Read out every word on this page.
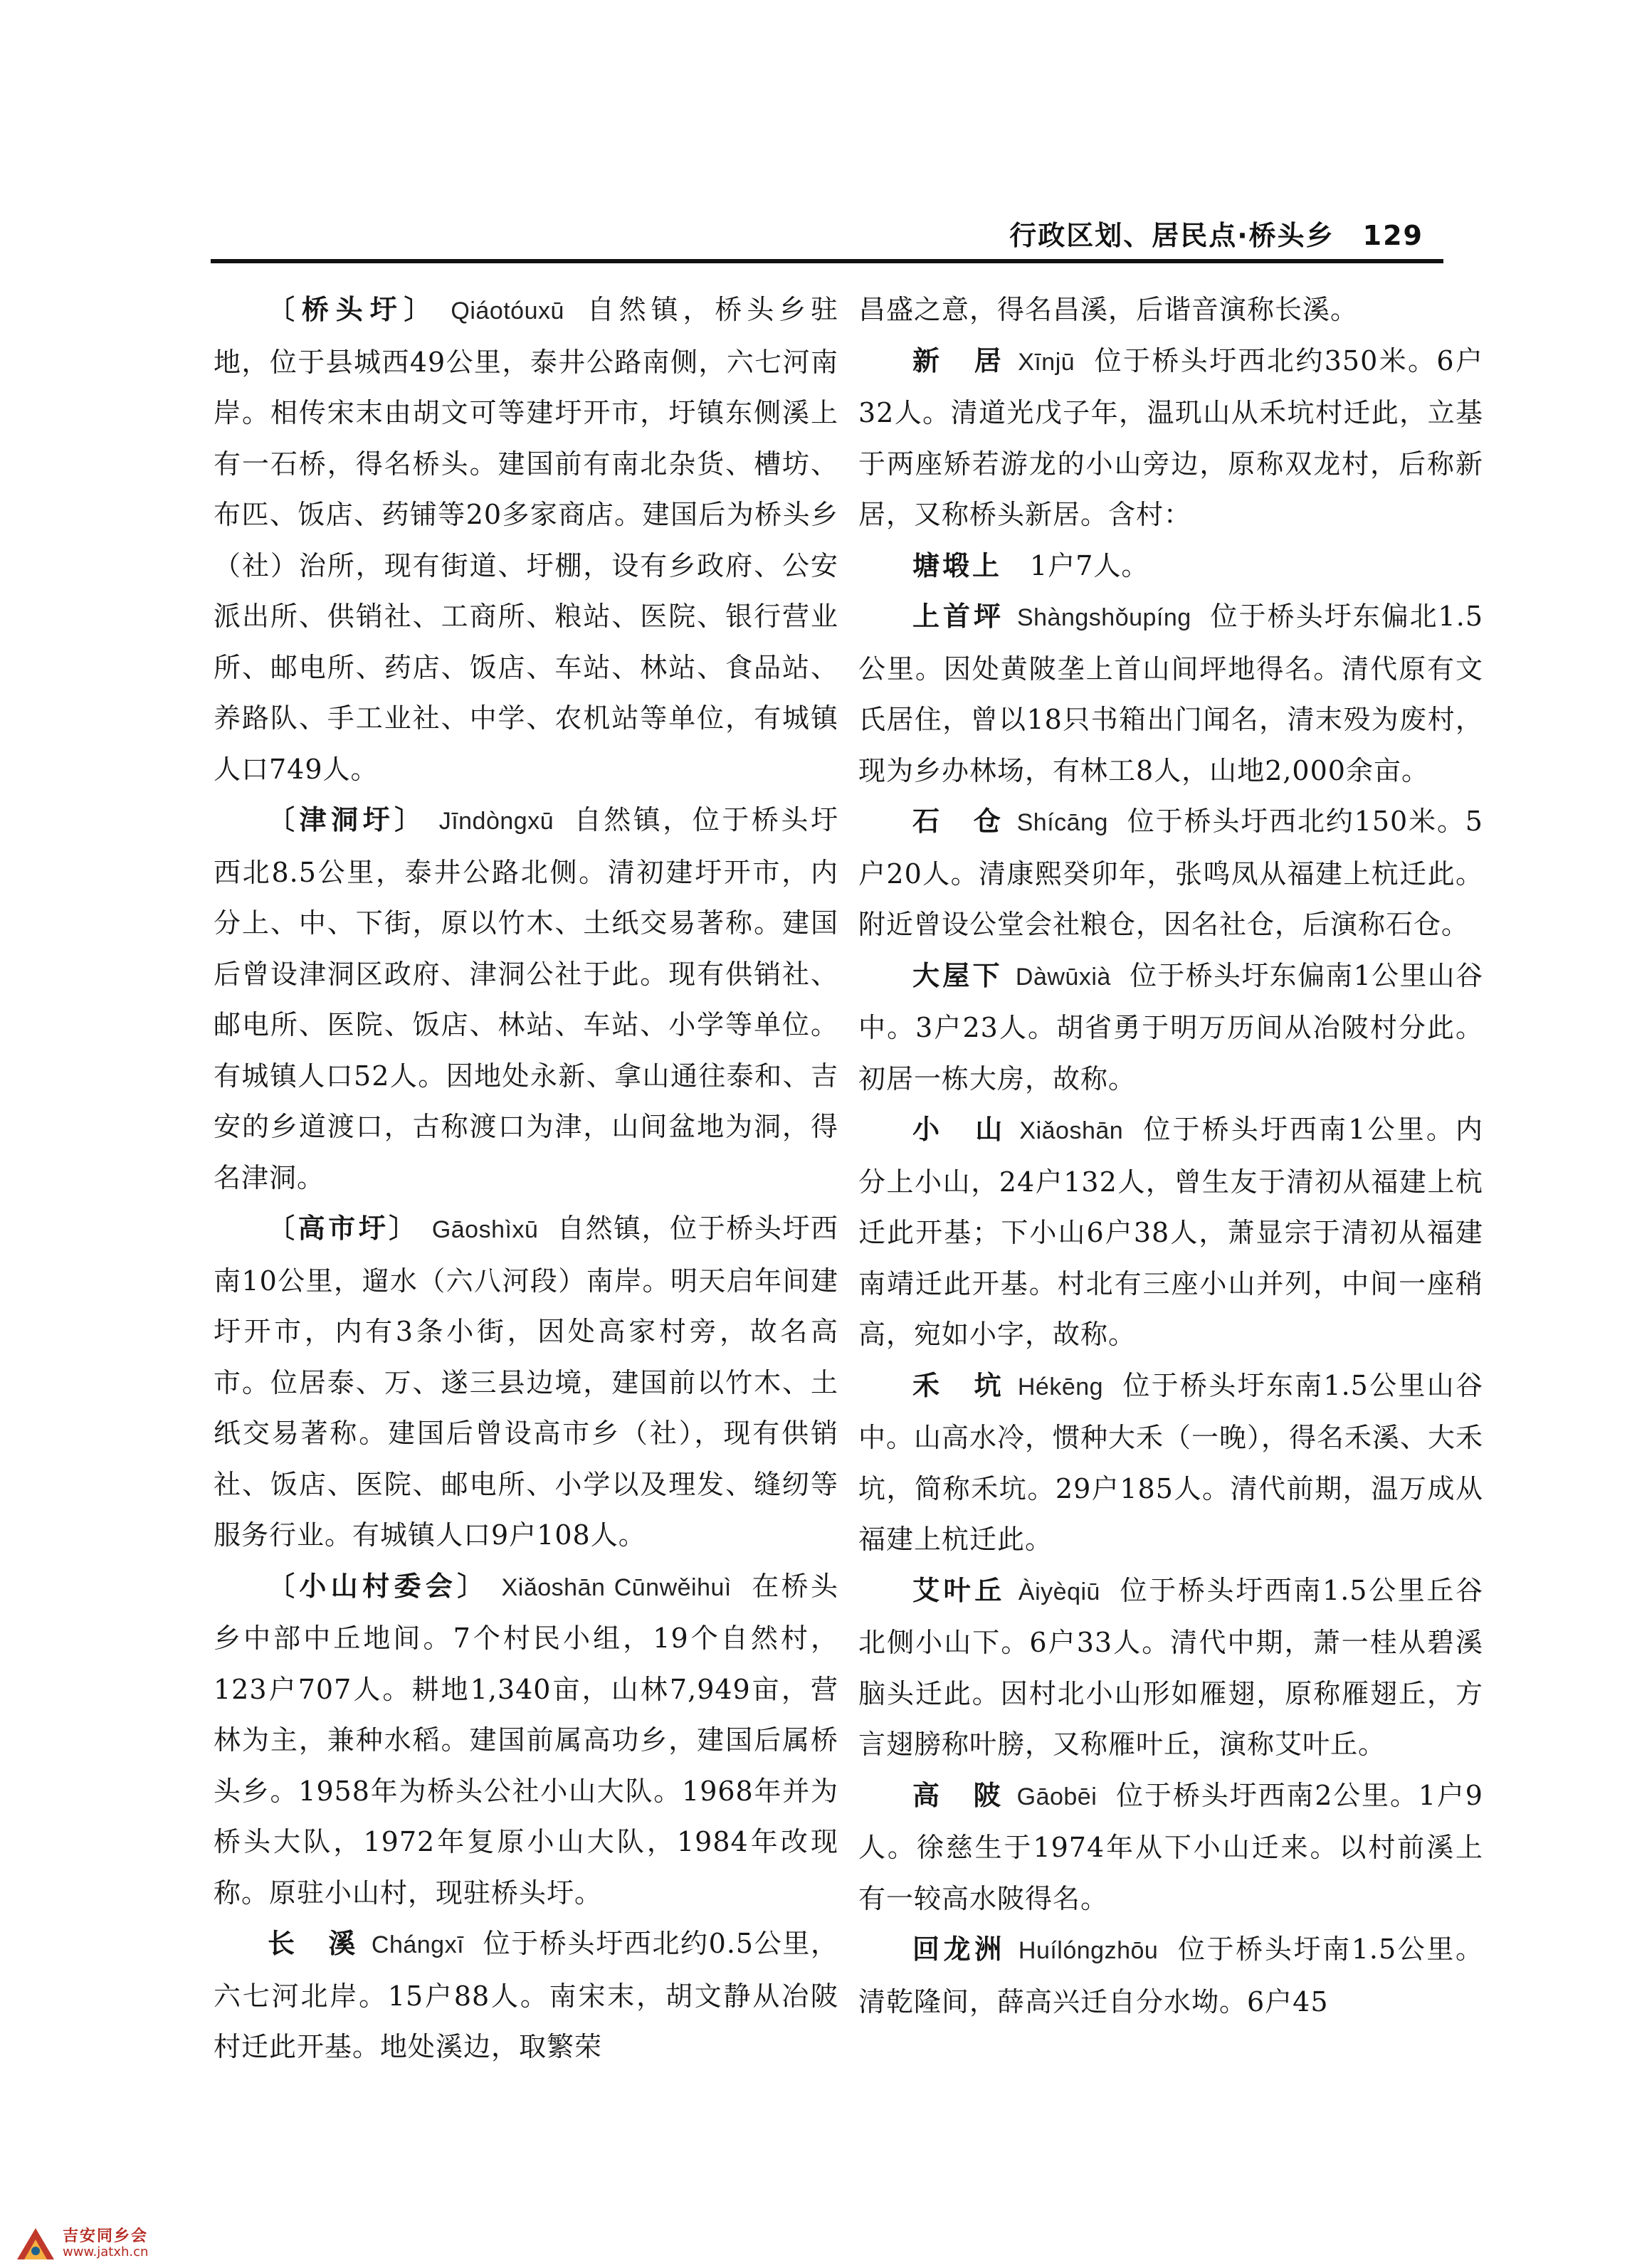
行政区划、居民点·桥头乡 129

〔桥头圩〕 Qiáotóuxū 自然镇，桥头乡驻地，位于县城西49公里，泰井公路南侧，六七河南岸。相传宋末由胡文可等建圩开市，圩镇东侧溪上有一石桥，得名桥头。建国前有南北杂货、槽坊、布匹、饭店、药铺等20多家商店。建国后为桥头乡（社）治所，现有街道、圩棚，设有乡政府、公安派出所、供销社、工商所、粮站、医院、银行营业所、邮电所、药店、饭店、车站、林站、食品站、养路队、手工业社、中学、农机站等单位，有城镇人口749人。

〔津洞圩〕 Jīndòngxū 自然镇，位于桥头圩西北8.5公里，泰井公路北侧。清初建圩开市，内分上、中、下街，原以竹木、土纸交易著称。建国后曾设津洞区政府、津洞公社于此。现有供销社、邮电所、医院、饭店、林站、车站、小学等单位。有城镇人口52人。因地处永新、拿山通往泰和、吉安的乡道渡口，古称渡口为津，山间盆地为洞，得名津洞。

〔高市圩〕 Gāoshìxū 自然镇，位于桥头圩西南10公里，遛水（六八河段）南岸。明天启年间建圩开市，内有3条小街，因处高家村旁，故名高市。位居泰、万、遂三县边境，建国前以竹木、土纸交易著称。建国后曾设高市乡（社），现有供销社、饭店、医院、邮电所、小学以及理发、缝纫等服务行业。有城镇人口9户108人。

〔小山村委会〕 Xiǎoshān Cūnwěihuì 在桥头乡中部中丘地间。7个村民小组，19个自然村，123户707人。耕地1,340亩，山林7,949亩，营林为主，兼种水稻。建国前属高功乡，建国后属桥头乡。1958年为桥头公社小山大队。1968年并为桥头大队，1972年复原小山大队，1984年改现称。原驻小山村，现驻桥头圩。

长　溪 Chángxī 位于桥头圩西北约0.5公里，六七河北岸。15户88人。南宋末，胡文静从冶陂村迁此开基。地处溪边，取繁荣

昌盛之意，得名昌溪，后谐音演称长溪。

新　居 Xīnjū 位于桥头圩西北约350米。6户32人。清道光戊子年，温玑山从禾坑村迁此，立基于两座矫若游龙的小山旁边，原称双龙村，后称新居，又称桥头新居。含村：

塘塅上　 1户7人。

上首坪 Shàngshǒupíng 位于桥头圩东偏北1.5公里。因处黄陂垄上首山间坪地得名。清代原有文氏居住，曾以18只书箱出门闻名，清末殁为废村，现为乡办林场，有林工8人，山地2,000余亩。

石　仓 Shícāng 位于桥头圩西北约150米。5户20人。清康熙癸卯年，张鸣凤从福建上杭迁此。附近曾设公堂会社粮仓，因名社仓，后演称石仓。

大屋下 Dàwūxià 位于桥头圩东偏南1公里山谷中。3户23人。胡省勇于明万历间从冶陂村分此。初居一栋大房，故称。

小　山 Xiǎoshān 位于桥头圩西南1公里。内分上小山，24户132人，曾生友于清初从福建上杭迁此开基；下小山6户38人，萧显宗于清初从福建南靖迁此开基。村北有三座小山并列，中间一座稍高，宛如小字，故称。

禾　坑 Hékēng 位于桥头圩东南1.5公里山谷中。山高水冷，惯种大禾（一晚），得名禾溪、大禾坑，简称禾坑。29户185人。清代前期，温万成从福建上杭迁此。

艾叶丘 Àiyèqiū 位于桥头圩西南1.5公里丘谷北侧小山下。6户33人。清代中期，萧一桂从碧溪脑头迁此。因村北小山形如雁翅，原称雁翅丘，方言翅膀称叶膀，又称雁叶丘，演称艾叶丘。

高　陂 Gāobēi 位于桥头圩西南2公里。1户9人。徐慈生于1974年从下小山迁来。以村前溪上有一较高水陂得名。

回龙洲 Huílóngzhōu 位于桥头圩南1.5公里。清乾隆间，薛高兴迁自分水坳。6户45

吉安同乡会
www.jatxh.cn
